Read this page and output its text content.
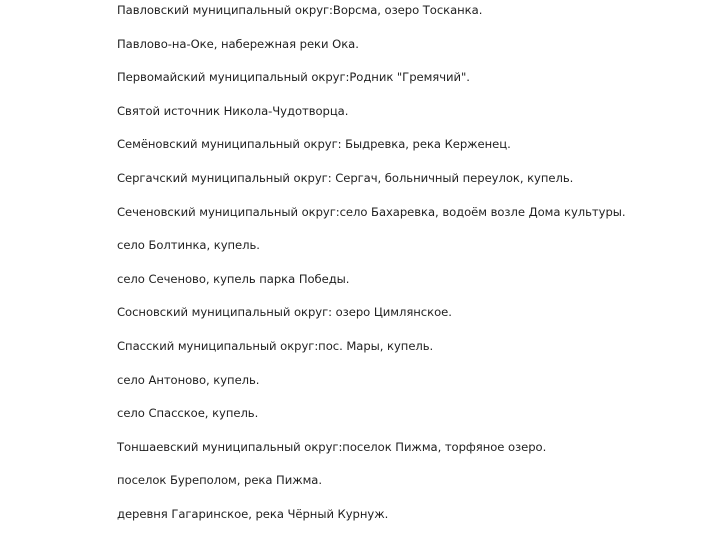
Павловский муниципальный округ:Ворсма, озеро Тосканка.

Павлово-на-Оке, набережная реки Ока.

Первомайский муниципальный округ:Родник "Гремячий".

Святой источник Никола-Чудотворца.

Семёновский муниципальный округ: Быдревка, река Керженец.

Сергачский муниципальный округ: Сергач, больничный переулок, купель.

Сеченовский муниципальный округ:село Бахаревка, водоём возле Дома культуры.

село Болтинка, купель.

село Сеченово, купель парка Победы.

Сосновский муниципальный округ: озеро Цимлянское.

Спасский муниципальный округ:пос. Мары, купель.

село Антоново, купель.

село Спасское, купель.

Тоншаевский муниципальный округ:поселок Пижма, торфяное озеро.

поселок Буреполом, река Пижма.

деревня Гагаринское, река Чёрный Курнуж.
